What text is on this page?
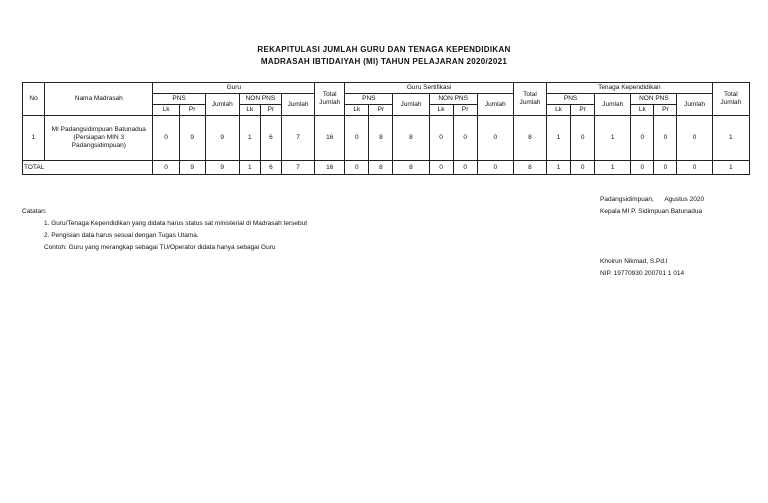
REKAPITULASI JUMLAH GURU DAN TENAGA KEPENDIDIKAN
MADRASAH IBTIDAIYAH (MI) TAHUN PELAJARAN 2020/2021
No	Nama Madrasah	Guru						Total Jumlah	Guru Sertifikasi						Total Jumlah	Tenaga Kependidikan						Total Jumlah
		PNS		Jumlah	NON PNS		Jumlah		PNS		Jumlah	NON PNS		Jumlah		PNS		Jumlah	NON PNS		Jumlah	
		Lk	Pr		Lk	Pr			Lk	Pr		Lk	Pr			Lk	Pr		Lk	Pr		
1	MI Padangsidimpuan Batunadua (Persiapan MIN 3 Padangsidimpuan)	0	9	9	1	6	7	16	0	8	8	0	0	0	8	1	0	1	0	0	0	1
TOTAL		0	9	9	1	6	7	16	0	8	8	0	0	0	8	1	0	1	0	0	0	1
Catatan:
1. Guru/Tenaga Kependidikan yang didata harus status sat ministerial di Madrasah tersebut
2. Pengisian data harus sesuai dengan Tugas Utama.
Contoh: Guru yang merangkap sebagai TU/Operator didata hanya sebagai Guru
Padangsidimpuan,      Agustus 2020
Kepala MI P. Sidimpuan Batunadua
Khoirun Nikmad, S.Pd.I
NIP. 19770930 200701 1 014
